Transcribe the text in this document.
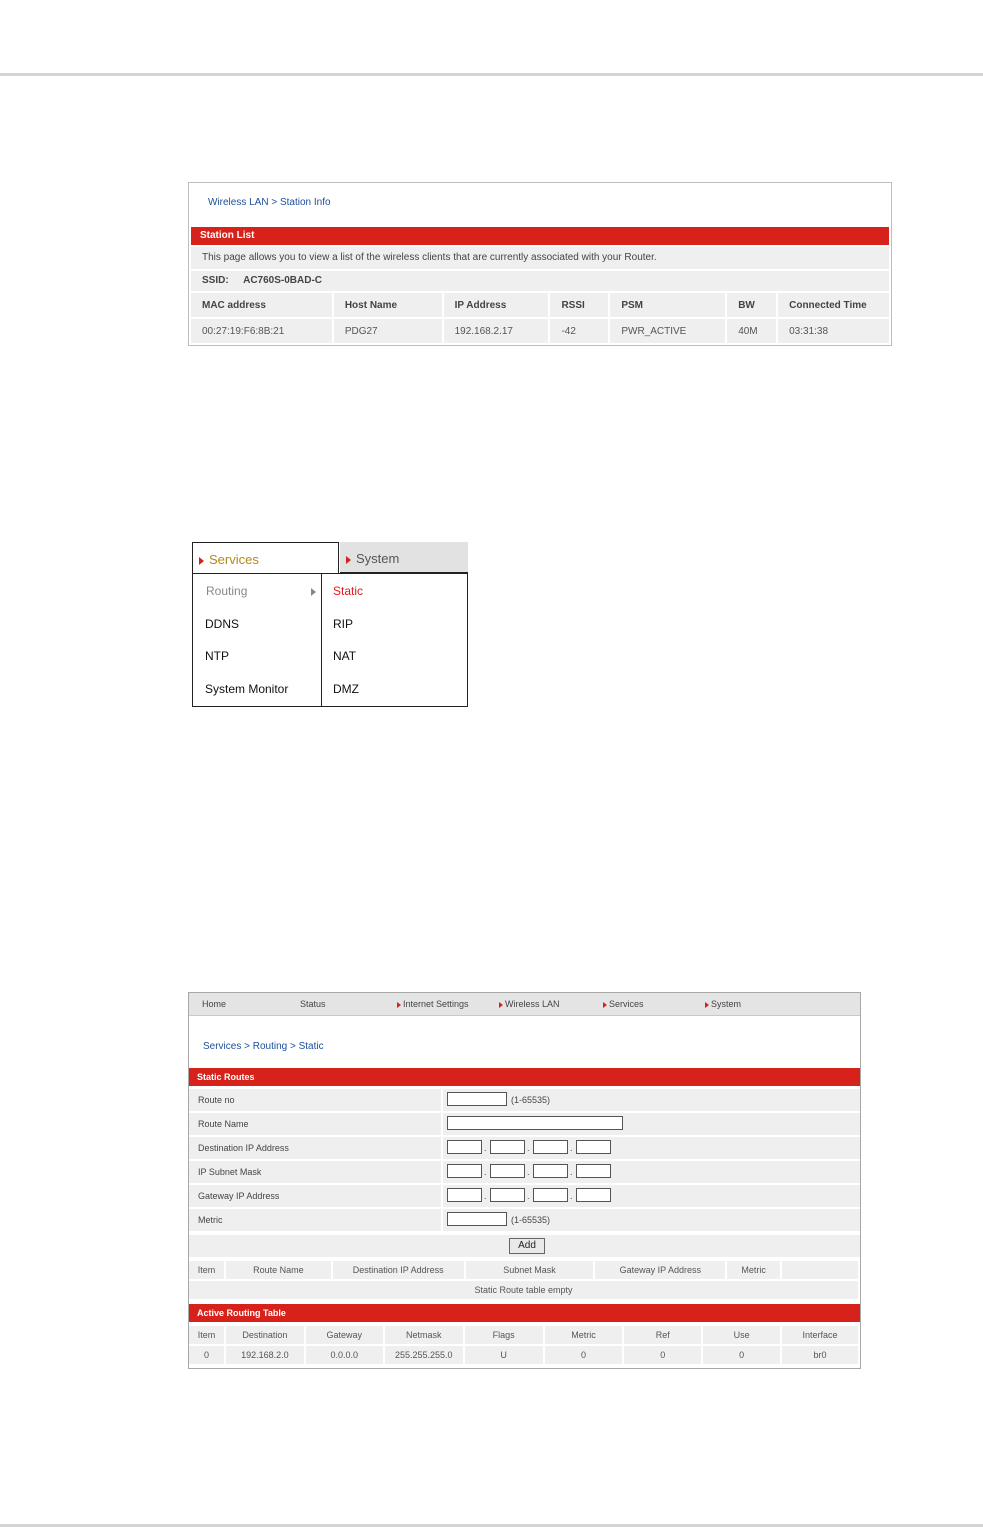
Wireless LAN > Station Info
Station List
This page allows you to view a list of the wireless clients that are currently associated with your Router.
SSID: AC760S-0BAD-C
MAC address	Host Name	IP Address	RSSI	PSM	BW	Connected Time
00:27:19:F6:8B:21	PDG27	192.168.2.17	-42	PWR_ACTIVE	40M	03:31:38
Services	System
Routing
DDNS
NTP
System Monitor
Static
RIP
NAT
DMZ
Home	Status	Internet Settings	Wireless LAN	Services	System
Services > Routing > Static
Static Routes
Route no	(1-65535)
Route Name
Destination IP Address	.	.	.
IP Subnet Mask	.	.	.
Gateway IP Address	.	.	.
Metric	(1-65535)
Add
Item	Route Name	Destination IP Address	Subnet Mask	Gateway IP Address	Metric	
Static Route table empty
Active Routing Table
Item	Destination	Gateway	Netmask	Flags	Metric	Ref	Use	Interface
0	192.168.2.0	0.0.0.0	255.255.255.0	U	0	0	0	br0
